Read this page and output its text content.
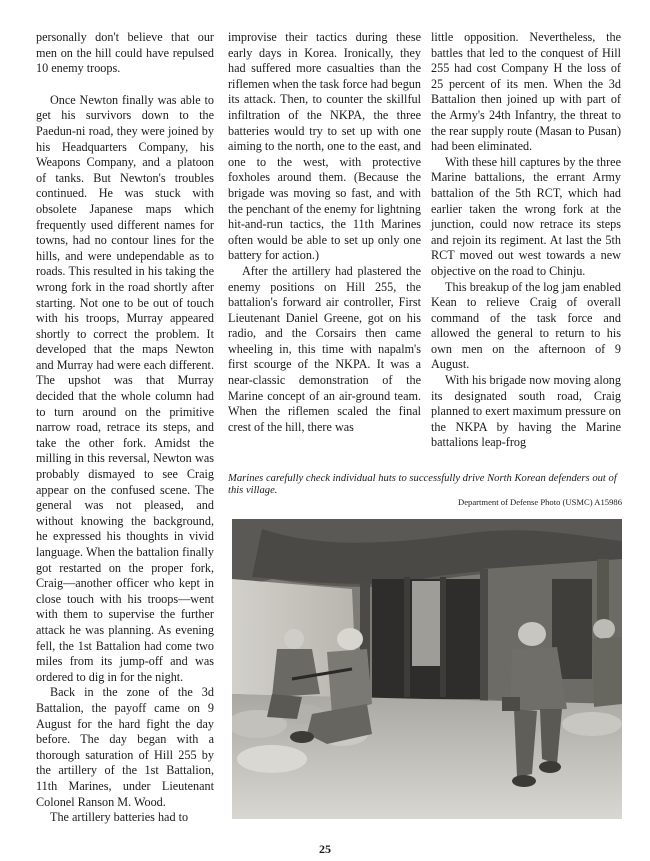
personally don't believe that our men on the hill could have repulsed 10 enemy troops.

Once Newton finally was able to get his survivors down to the Paedun-ni road, they were joined by his Headquarters Company, his Weapons Company, and a platoon of tanks. But Newton's troubles continued. He was stuck with obsolete Japanese maps which frequently used different names for towns, had no contour lines for the hills, and were undependable as to roads. This resulted in his taking the wrong fork in the road shortly after starting. Not one to be out of touch with his troops, Murray appeared shortly to correct the problem. It developed that the maps Newton and Murray had were each different. The upshot was that Murray decided that the whole column had to turn around on the primitive narrow road, retrace its steps, and take the other fork. Amidst the milling in this reversal, Newton was probably dismayed to see Craig appear on the confused scene. The general was not pleased, and without knowing the background, he expressed his thoughts in vivid language. When the battalion finally got restarted on the proper fork, Craig—another officer who kept in close touch with his troops—went with them to supervise the further attack he was planning. As evening fell, the 1st Battalion had come two miles from its jump-off and was ordered to dig in for the night.

Back in the zone of the 3d Battalion, the payoff came on 9 August for the hard fight the day before. The day began with a thorough saturation of Hill 255 by the artillery of the 1st Battalion, 11th Marines, under Lieutenant Colonel Ranson M. Wood.

The artillery batteries had to

improvise their tactics during these early days in Korea. Ironically, they had suffered more casualties than the riflemen when the task force had begun its attack. Then, to counter the skillful infiltration of the NKPA, the three batteries would try to set up with one aiming to the north, one to the east, and one to the west, with protective foxholes around them. (Because the brigade was moving so fast, and with the penchant of the enemy for lightning hit-and-run tactics, the 11th Marines often would be able to set up only one battery for action.)

After the artillery had plastered the enemy positions on Hill 255, the battalion's forward air controller, First Lieutenant Daniel Greene, got on his radio, and the Corsairs then came wheeling in, this time with napalm's first scourge of the NKPA. It was a near-classic demonstration of the Marine concept of an air-ground team. When the riflemen scaled the final crest of the hill, there was

little opposition. Nevertheless, the battles that led to the conquest of Hill 255 had cost Company H the loss of 25 percent of its men. When the 3d Battalion then joined up with part of the Army's 24th Infantry, the threat to the rear supply route (Masan to Pusan) had been eliminated.

With these hill captures by the three Marine battalions, the errant Army battalion of the 5th RCT, which had earlier taken the wrong fork at the junction, could now retrace its steps and rejoin its regiment. At last the 5th RCT moved out west towards a new objective on the road to Chinju.

This breakup of the log jam enabled Kean to relieve Craig of overall command of the task force and allowed the general to return to his own men on the afternoon of 9 August.

With his brigade now moving along its designated south road, Craig planned to exert maximum pressure on the NKPA by having the Marine battalions leap-frog

Marines carefully check individual huts to successfully drive North Korean defenders out of this village.
Department of Defense Photo (USMC) A15986
25
